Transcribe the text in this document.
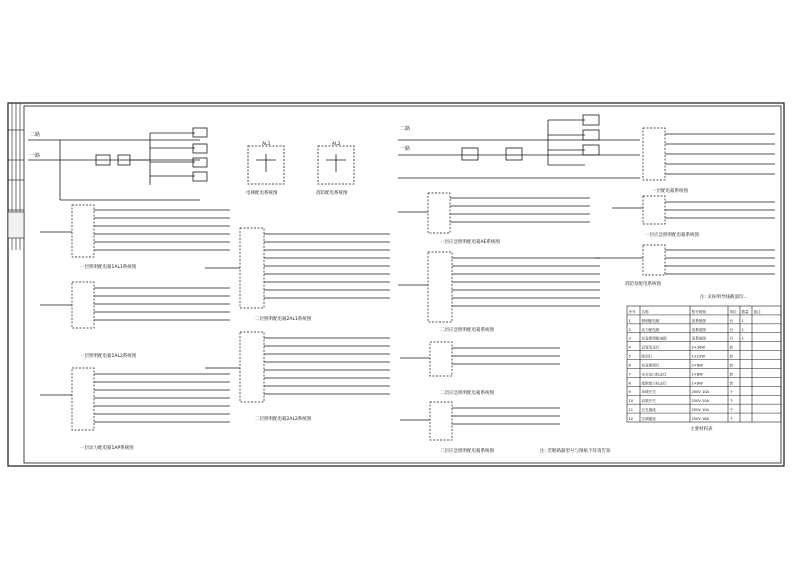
二路
一路
AL1	AL2
电梯配电系统图	消防配电系统图
一层照明配电箱1AL1系统图
一层照明配电箱1AL2系统图
一层动力配电箱1AP系统图
二层照明配电箱2AL1系统图
二层照明配电箱2AL2系统图
二路
一路
一层应急照明配电箱AE系统图
二层应急照明配电箱系统图
二层应急照明配电箱系统图
二层应急照明配电箱系统图
一层配电箱系统图
一层应急照明配电箱系统图
消防泵配电系统图
注: 未标明导线截面均...
序号 名称	型号规格	单位 数量 备注
1	照明配电箱	见系统图	台 1
2	动力配电箱	见系统图	台 1
3	应急照明配电箱	见系统图	台 1
4	双管荧光灯	2×36W	套
5	吸顶灯	1×22W	套
6	应急照明灯	2×8W	套
7	安全出口标志灯	1×8W	套
8	疏散指示标志灯	1×8W	套
9	单联开关	250V 10A	个
10 双联开关	250V 10A	个
11 五孔插座	250V 10A	个
12 空调插座	250V 16A	个
主要材料表
注: 若断路器型号与图纸不符请告知
